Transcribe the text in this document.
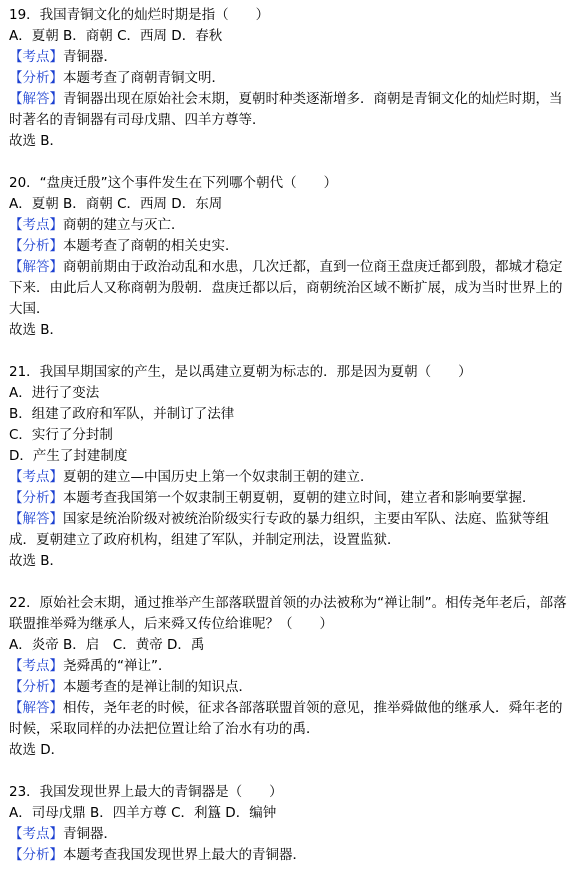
19．我国青铜文化的灿烂时期是指（　　）
A．夏朝 B．商朝 C．西周 D．春秋
【考点】青铜器．
【分析】本题考查了商朝青铜文明．
【解答】青铜器出现在原始社会末期，夏朝时种类逐渐增多．商朝是青铜文化的灿烂时期，当时著名的青铜器有司母戊鼎、四羊方尊等．
故选 B．
20．“盘庚迁殷”这个事件发生在下列哪个朝代（　　）
A．夏朝 B．商朝 C．西周 D．东周
【考点】商朝的建立与灭亡．
【分析】本题考查了商朝的相关史实．
【解答】商朝前期由于政治动乱和水患，几次迁都，直到一位商王盘庚迁都到殷，都城才稳定下来．由此后人又称商朝为殷朝．盘庚迁都以后，商朝统治区域不断扩展，成为当时世界上的大国．
故选 B．
21．我国早期国家的产生，是以禹建立夏朝为标志的．那是因为夏朝（　　）
A．进行了变法
B．组建了政府和军队，并制订了法律
C．实行了分封制
D．产生了封建制度
【考点】夏朝的建立—中国历史上第一个奴隶制王朝的建立．
【分析】本题考查我国第一个奴隶制王朝夏朝，夏朝的建立时间，建立者和影响要掌握．
【解答】国家是统治阶级对被统治阶级实行专政的暴力组织，主要由军队、法庭、监狱等组成．夏朝建立了政府机构，组建了军队，并制定刑法，设置监狱．
故选 B．
22．原始社会末期，通过推举产生部落联盟首领的办法被称为“禅让制”。相传尧年老后，部落联盟推举舜为继承人，后来舜又传位给谁呢？（　　）
A．炎帝 B．启　C．黄帝 D．禹
【考点】尧舜禹的“禅让”．
【分析】本题考查的是禅让制的知识点．
【解答】相传，尧年老的时候，征求各部落联盟首领的意见，推举舜做他的继承人．舜年老的时候，采取同样的办法把位置让给了治水有功的禹．
故选 D．
23．我国发现世界上最大的青铜器是（　　）
A．司母戊鼎 B．四羊方尊 C．利簋 D．编钟
【考点】青铜器．
【分析】本题考查我国发现世界上最大的青铜器．
